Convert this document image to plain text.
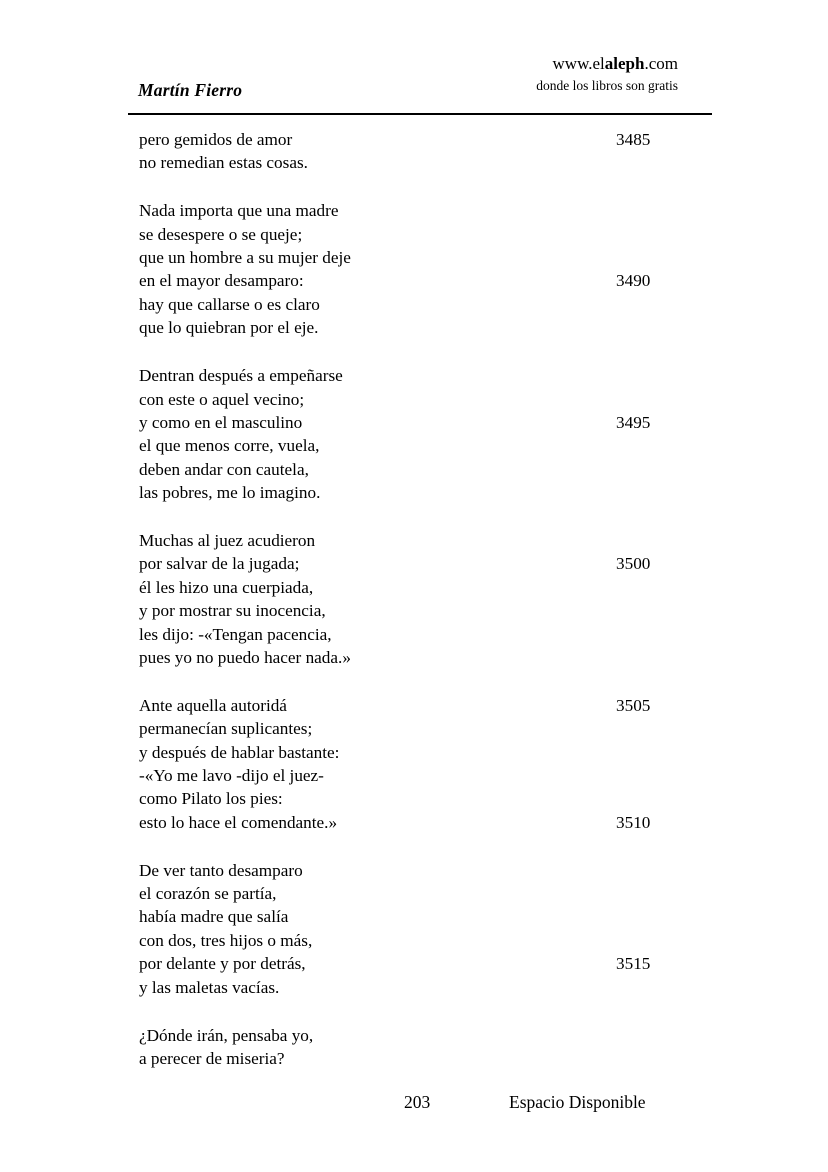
Martín Fierro
www.elaleph.com
donde los libros son gratis
pero gemidos de amor	3485
no remedian estas cosas.
Nada importa que una madre
se desespere o se queje;
que un hombre a su mujer deje
en el mayor desamparo:	3490
hay que callarse o es claro
que lo quiebran por el eje.
Dentran después a empeñarse
con este o aquel vecino;
y como en el masculino	3495
el que menos corre, vuela,
deben andar con cautela,
las pobres, me lo imagino.
Muchas al juez acudieron
por salvar de la jugada;	3500
él les hizo una cuerpiada,
y por mostrar su inocencia,
les dijo: -«Tengan pacencia,
pues yo no puedo hacer nada.»
Ante aquella autoridá	3505
permanecían suplicantes;
y después de hablar bastante:
-«Yo me lavo -dijo el juez-
como Pilato los pies:
esto lo hace el comendante.»	3510
De ver tanto desamparo
el corazón se partía,
había madre que salía
con dos, tres hijos o más,
por delante y por detrás,	3515
y las maletas vacías.
¿Dónde irán, pensaba yo,
a perecer de miseria?
203	Espacio Disponible
